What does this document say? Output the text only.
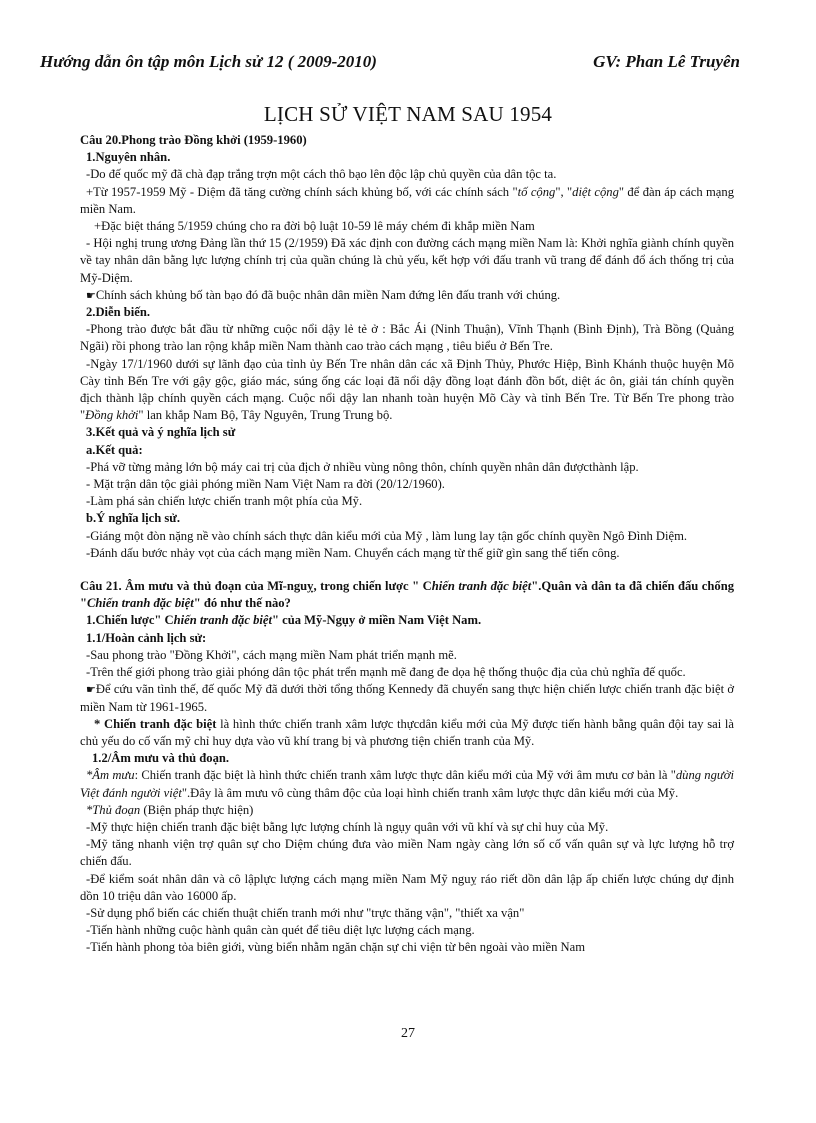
Hướng dẫn ôn tập môn Lịch sử 12 ( 2009-2010)	GV: Phan Lê Truyên
LỊCH SỬ VIỆT NAM SAU 1954

Câu 20.Phong trào Đồng khởi (1959-1960)

1.Nguyên nhân.

-Do đế quốc mỹ đã chà đạp trắng trợn một cách thô bạo lên độc lập chủ quyền của dân tộc ta.

+Từ 1957-1959 Mỹ - Diệm đã tăng cường chính sách khủng bố, với các chính sách "tố cộng", "diệt cộng" để đàn áp cách mạng miền Nam.

+Đặc biệt tháng 5/1959 chúng cho ra đời bộ luật 10-59 lê máy chém đi khắp miền Nam

- Hội nghị trung ương Đảng lần thứ 15 (2/1959) Đã xác định con đường cách mạng miền Nam là: Khởi nghĩa giành chính quyền về tay nhân dân bằng lực lượng chính trị của quần chúng là chủ yếu, kết hợp với đấu tranh vũ trang để đánh đổ ách thống trị của Mỹ-Diệm.

☛Chính sách khủng bố tàn bạo đó đã buộc nhân dân miền Nam đứng lên đấu tranh với chúng.

2.Diễn biến.

-Phong trào được bắt đầu từ những cuộc nổi dậy lẻ tẻ ở : Bắc Ái (Ninh Thuận), Vĩnh Thạnh (Bình Định), Trà Bồng (Quảng Ngãi) rồi phong trào lan rộng khắp miền Nam thành cao trào cách mạng , tiêu biểu ở Bến Tre.

-Ngày 17/1/1960 dưới sự lãnh đạo của tỉnh ủy Bến Tre nhân dân các xã Định Thủy, Phước Hiệp, Bình Khánh thuộc huyện Mõ Cày tỉnh Bến Tre với gậy gộc, giáo mác, súng ống các loại đã nổi dậy đồng loạt đánh đồn bốt, diệt ác ôn, giải tán chính quyền địch thành lập chính quyền cách mạng. Cuộc nổi dậy lan nhanh toàn huyện Mõ Cày và tỉnh Bến Tre. Từ Bến Tre phong trào "Đồng khởi" lan khắp Nam Bộ, Tây Nguyên, Trung Trung bộ.

3.Kết quả và ý nghĩa lịch sử

a.Kết quả:

-Phá vỡ từng mảng lớn bộ máy cai trị của địch ở nhiều vùng nông thôn, chính quyền nhân dân đượcthành lập.

- Mặt trận dân tộc giải phóng miền Nam Việt Nam ra đời (20/12/1960).

-Làm phá sản chiến lược chiến tranh một phía của Mỹ.

b.Ý nghĩa lịch sử.

-Giáng một đòn nặng nề vào chính sách thực dân kiểu mới của Mỹ , làm lung lay tận gốc chính quyền Ngô Đình Diệm.

-Đánh dấu bước nhảy vọt của cách mạng miền Nam. Chuyển cách mạng từ thế giữ gìn sang thế tiến công.

Câu 21. Âm mưu và thủ đoạn của Mĩ-nguỵ, trong chiến lược " Chiến tranh đặc biệt".Quân và dân ta đã chiến đấu chống "Chiến tranh đặc biệt" đó như thế nào?

1.Chiến lược" Chiến tranh đặc biệt" của Mỹ-Ngụy ở miền Nam Việt Nam.

1.1/Hoàn cảnh lịch sử:

-Sau phong trào "Đồng Khởi", cách mạng miền Nam phát triển mạnh mẽ.

-Trên thế giới phong trào giải phóng dân tộc phát trển mạnh mẽ đang đe dọa hệ thống thuộc địa của chủ nghĩa đế quốc.

☛Để cứu vãn tình thế, đế quốc Mỹ đã dưới thời tổng thống Kennedy đã chuyển sang thực hiện chiến lược chiến tranh đặc biệt ở miền Nam từ 1961-1965.

* Chiến tranh đặc biệt là hình thức chiến tranh xâm lược thựcdân kiểu mới của Mỹ được tiến hành bằng quân đội tay sai là chủ yếu do cố vấn mỹ chỉ huy dựa vào vũ khí trang bị và phương tiện chiến tranh của Mỹ.

1.2/Âm mưu và thủ đoạn.

*Âm mưu: Chiến tranh đặc biệt là hình thức chiến tranh xâm lược thực dân kiểu mới của Mỹ với âm mưu cơ bản là "dùng người Việt đánh người việt".Đây là âm mưu vô cùng thâm độc của loại hình chiến tranh xâm lược thực dân kiểu mới của Mỹ.

*Thủ đoạn (Biện pháp thực hiện)

-Mỹ thực hiện chiến tranh đặc biệt bằng lực lượng chính là ngụy quân với vũ khí và sự chỉ huy của Mỹ.

-Mỹ tăng nhanh viện trợ quân sự cho Diệm chúng đưa vào miền Nam ngày càng lớn số cố vấn quân sự và lực lượng hỗ trợ chiến đấu.

-Để kiểm soát nhân dân và cô lậplực lượng cách mạng miền Nam Mỹ nguỵ ráo riết dồn dân lập ấp chiến lược chúng dự định dồn 10 triệu dân vào 16000 ấp.

-Sử dụng phổ biến các chiến thuật chiến tranh mới như "trực thăng vận", "thiết xa vận"

-Tiến hành những cuộc hành quân càn quét để tiêu diệt lực lượng cách mạng.

-Tiến hành phong tỏa biên giới, vùng biển nhằm ngăn chặn sự chi viện từ bên ngoài vào miền Nam

27
